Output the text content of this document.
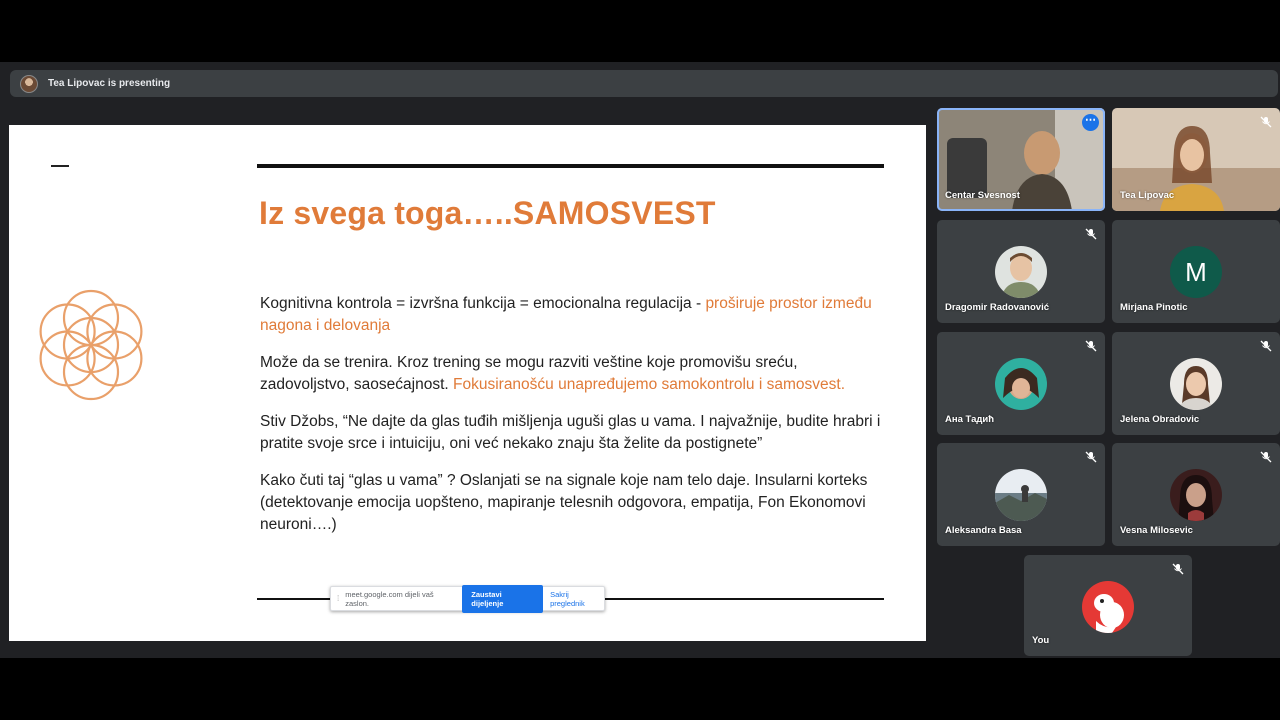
Tea Lipovac is presenting
Iz svega toga…..SAMOSVEST

Kognitivna kontrola = izvršna funkcija = emocionalna regulacija - proširuje prostor između nagona i delovanja

Može da se trenira. Kroz trening se mogu razviti veštine koje promovišu sreću, zadovoljstvo, saosećajnost. Fokusiranošću unapređujemo samokontrolu i samosvest.

Stiv Džobs, “Ne dajte da glas tuđih mišljenja uguši glas u vama. I najvažnije, budite hrabri i pratite svoje srce i intuiciju, oni već nekako znaju šta želite da postignete”

Kako čuti taj “glas u vama” ? Oslanjati se na signale koje nam telo daje. Insularni korteks (detektovanje emocija uopšteno, mapiranje telesnih odgovora, empatija, Fon Ekonomovi neuroni….)

⁞ meet.google.com dijeli vaš zaslon.
Zaustavi dijeljenje
Sakrij preglednik
⋯
Centar Svesnost	Tea Lipovac
Dragomir Radovanović
M
Mirjana Pinotic
Ана Тадић	Jelena Obradovic
Aleksandra Basa	Vesna Milosevic
You
